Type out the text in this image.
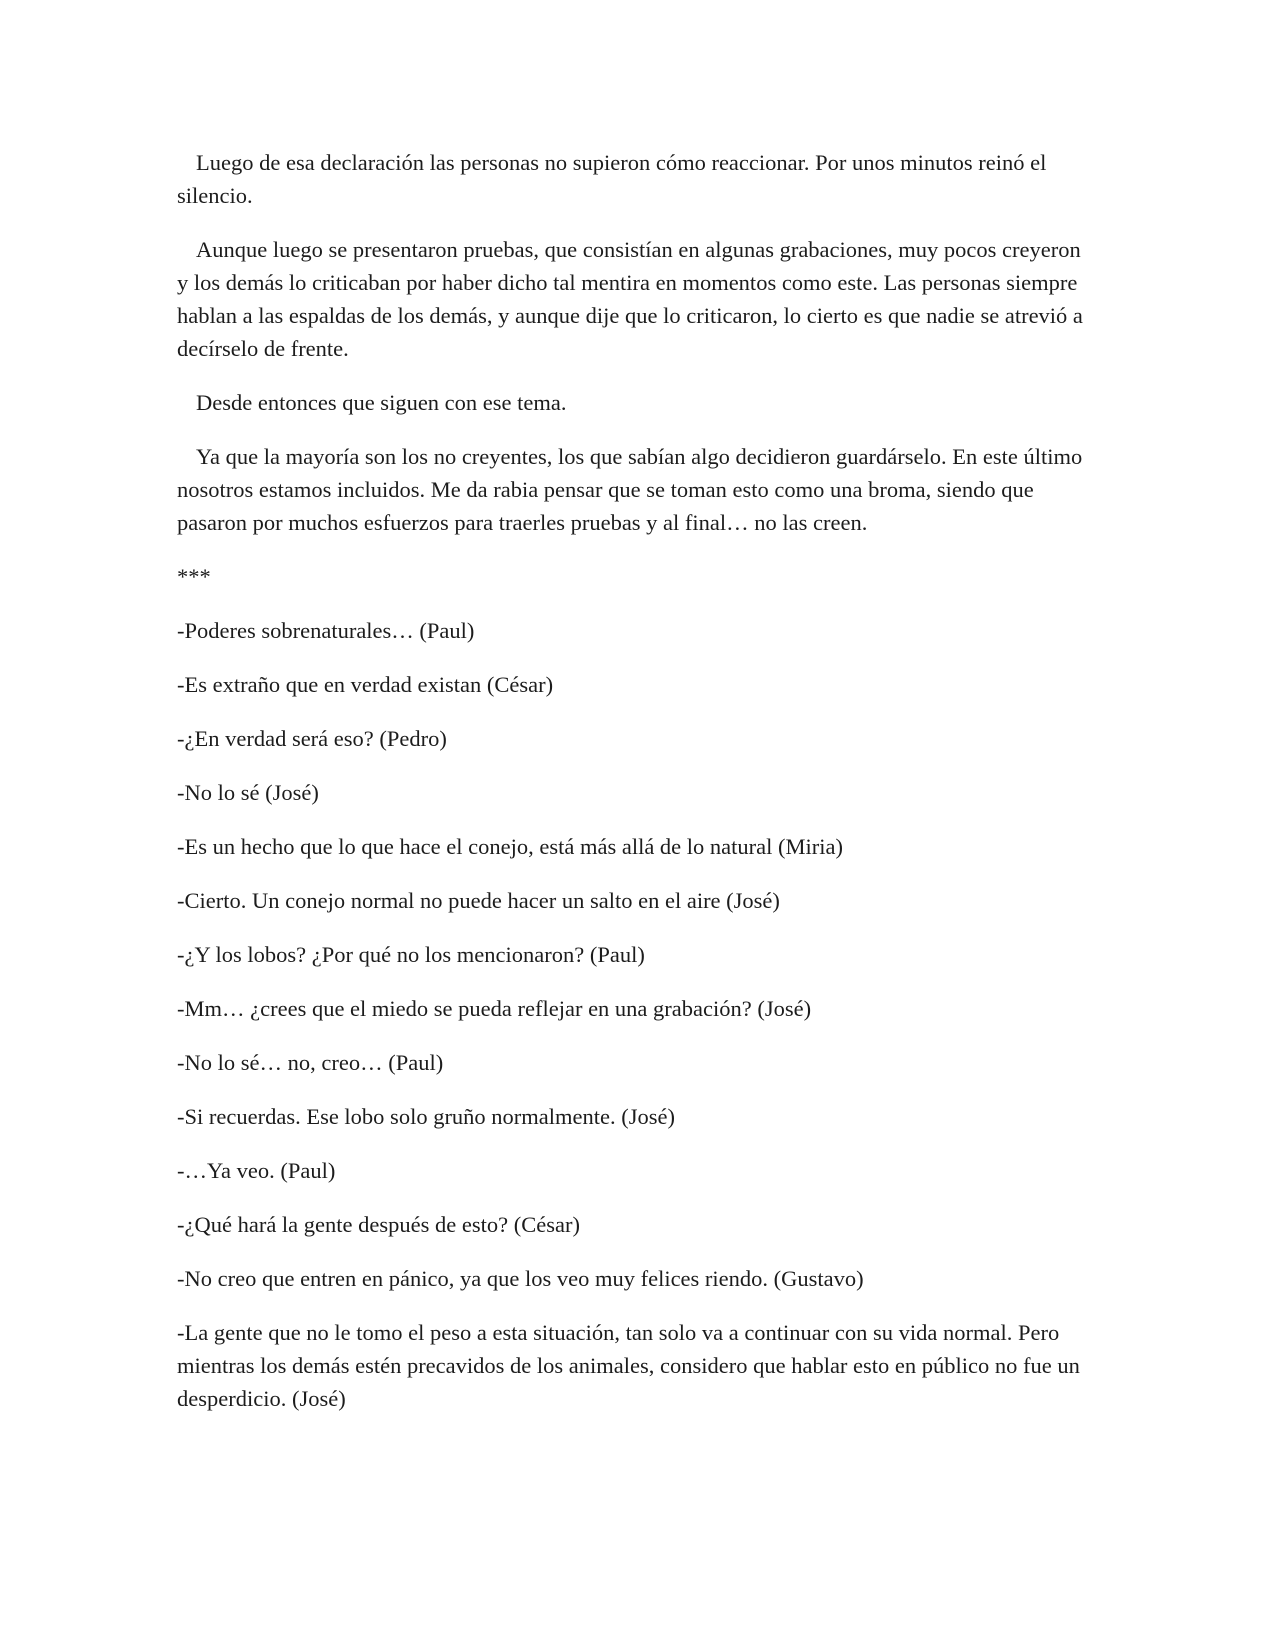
Luego de esa declaración las personas no supieron cómo reaccionar. Por unos minutos reinó el silencio.

Aunque luego se presentaron pruebas, que consistían en algunas grabaciones, muy pocos creyeron y los demás lo criticaban por haber dicho tal mentira en momentos como este. Las personas siempre hablan a las espaldas de los demás, y aunque dije que lo criticaron, lo cierto es que nadie se atrevió a decírselo de frente.

Desde entonces que siguen con ese tema.

Ya que la mayoría son los no creyentes, los que sabían algo decidieron guardárselo. En este último nosotros estamos incluidos. Me da rabia pensar que se toman esto como una broma, siendo que pasaron por muchos esfuerzos para traerles pruebas y al final… no las creen.

***

-Poderes sobrenaturales… (Paul)

-Es extraño que en verdad existan (César)

-¿En verdad será eso? (Pedro)

-No lo sé (José)

-Es un hecho que lo que hace el conejo, está más allá de lo natural (Miria)

-Cierto. Un conejo normal no puede hacer un salto en el aire (José)

-¿Y los lobos? ¿Por qué no los mencionaron? (Paul)

-Mm… ¿crees que el miedo se pueda reflejar en una grabación? (José)

-No lo sé… no, creo… (Paul)

-Si recuerdas. Ese lobo solo gruño normalmente. (José)

-…Ya veo. (Paul)

-¿Qué hará la gente después de esto? (César)

-No creo que entren en pánico, ya que los veo muy felices riendo. (Gustavo)

-La gente que no le tomo el peso a esta situación, tan solo va a continuar con su vida normal. Pero mientras los demás estén precavidos de los animales, considero que hablar esto en público no fue un desperdicio. (José)
